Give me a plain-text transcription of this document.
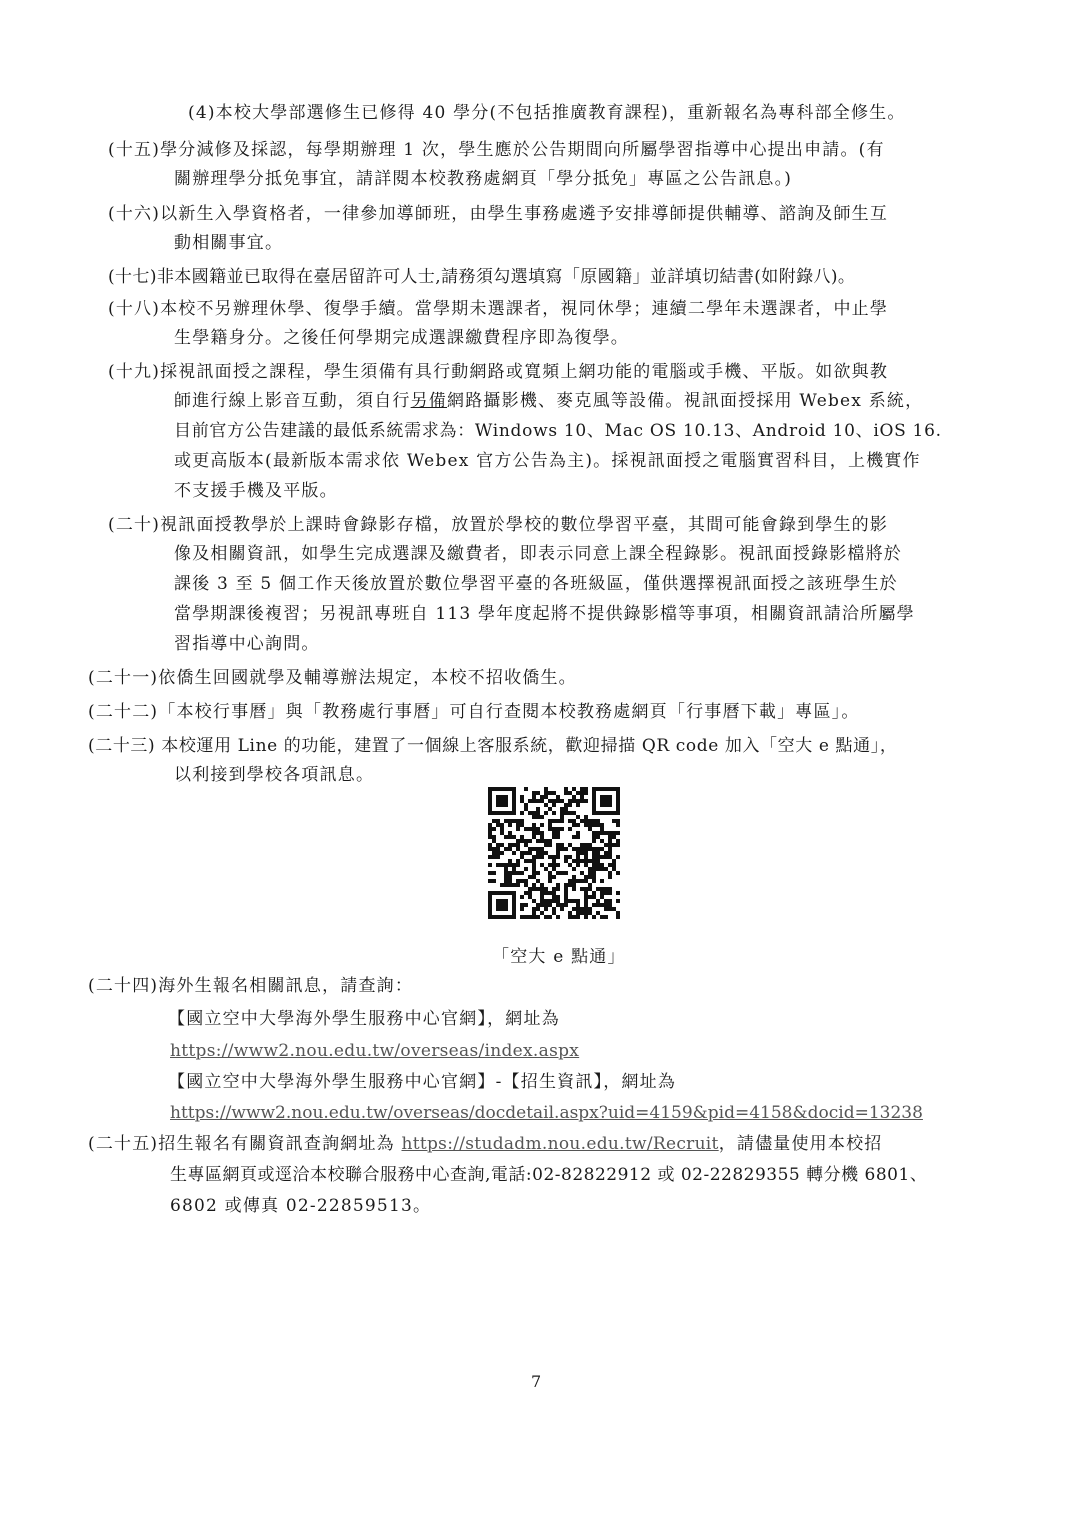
(4)本校大學部選修生已修得 40 學分(不包括推廣教育課程)，重新報名為專科部全修生。
(十五)學分減修及採認，每學期辦理 1 次，學生應於公告期間向所屬學習指導中心提出申請。(有
關辦理學分抵免事宜，請詳閱本校教務處網頁「學分抵免」專區之公告訊息。)
(十六)以新生入學資格者，一律參加導師班，由學生事務處遴予安排導師提供輔導、諮詢及師生互
動相關事宜。
(十七)非本國籍並已取得在臺居留許可人士,請務須勾選填寫「原國籍」並詳填切結書(如附錄八)。
(十八)本校不另辦理休學、復學手續。當學期未選課者，視同休學；連續二學年未選課者，中止學
生學籍身分。之後任何學期完成選課繳費程序即為復學。
(十九)採視訊面授之課程，學生須備有具行動網路或寬頻上網功能的電腦或手機、平版。如欲與教
師進行線上影音互動，須自行另備網路攝影機、麥克風等設備。視訊面授採用 Webex 系統，
目前官方公告建議的最低系統需求為：Windows 10、Mac OS 10.13、Android 10、iOS 16.
或更高版本(最新版本需求依 Webex 官方公告為主)。採視訊面授之電腦實習科目，上機實作
不支援手機及平版。
(二十)視訊面授教學於上課時會錄影存檔，放置於學校的數位學習平臺，其間可能會錄到學生的影
像及相關資訊，如學生完成選課及繳費者，即表示同意上課全程錄影。視訊面授錄影檔將於
課後 3 至 5 個工作天後放置於數位學習平臺的各班級區，僅供選擇視訊面授之該班學生於
當學期課後複習；另視訊專班自 113 學年度起將不提供錄影檔等事項，相關資訊請洽所屬學
習指導中心詢問。
(二十一)依僑生回國就學及輔導辦法規定，本校不招收僑生。
(二十二)「本校行事曆」與「教務處行事曆」可自行查閱本校教務處網頁「行事曆下載」專區」。
(二十三) 本校運用 Line 的功能，建置了一個線上客服系統，歡迎掃描 QR code 加入「空大 e 點通」，
以利接到學校各項訊息。
「空大 e 點通」
(二十四)海外生報名相關訊息，請查詢：
【國立空中大學海外學生服務中心官網】，網址為
https://www2.nou.edu.tw/overseas/index.aspx
【國立空中大學海外學生服務中心官網】-【招生資訊】，網址為
https://www2.nou.edu.tw/overseas/docdetail.aspx?uid=4159&pid=4158&docid=13238
(二十五)招生報名有關資訊查詢網址為 https://studadm.nou.edu.tw/Recruit，請儘量使用本校招
生專區網頁或逕洽本校聯合服務中心查詢,電話:02-82822912 或 02-22829355 轉分機 6801、
6802 或傳真 02-22859513。
7
